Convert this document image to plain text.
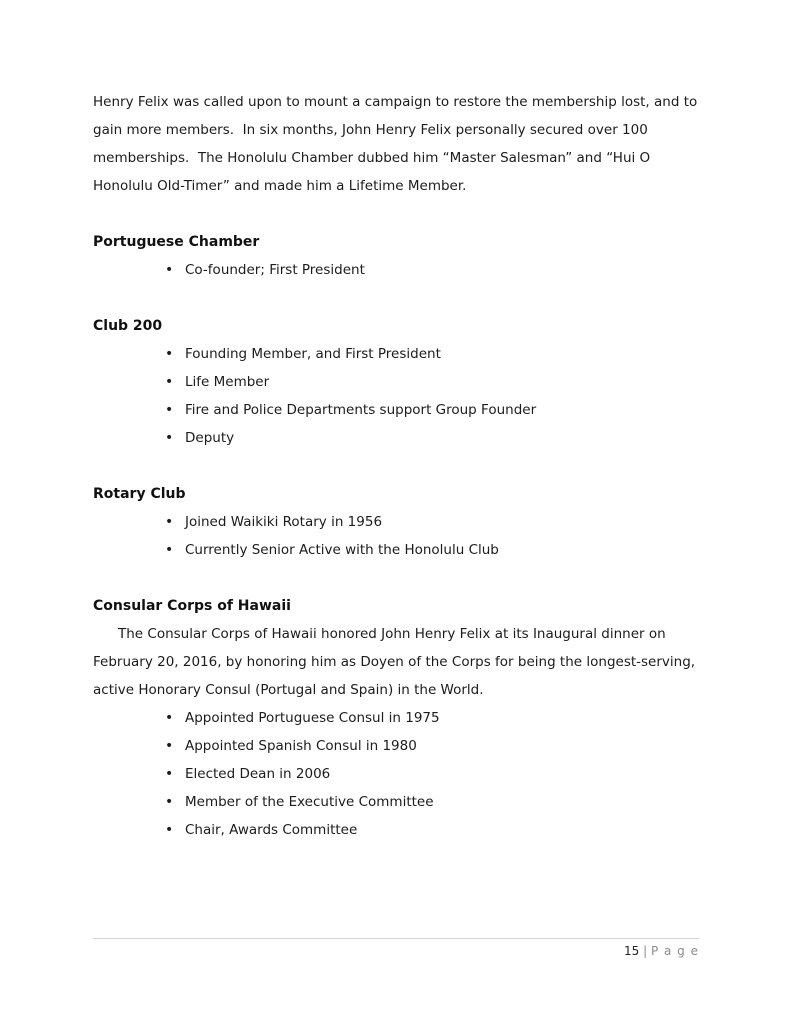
Henry Felix was called upon to mount a campaign to restore the membership lost, and to gain more members.  In six months, John Henry Felix personally secured over 100 memberships.  The Honolulu Chamber dubbed him “Master Salesman” and “Hui O Honolulu Old-Timer” and made him a Lifetime Member.

Portuguese Chamber
• Co-founder; First President
Club 200
• Founding Member, and First President
• Life Member
• Fire and Police Departments support Group Founder
• Deputy
Rotary Club
• Joined Waikiki Rotary in 1956
• Currently Senior Active with the Honolulu Club
Consular Corps of Hawaii

The Consular Corps of Hawaii honored John Henry Felix at its Inaugural dinner on February 20, 2016, by honoring him as Doyen of the Corps for being the longest-serving, active Honorary Consul (Portugal and Spain) in the World.

• Appointed Portuguese Consul in 1975
• Appointed Spanish Consul in 1980
• Elected Dean in 2006
• Member of the Executive Committee
• Chair, Awards Committee
15 | P a g e
